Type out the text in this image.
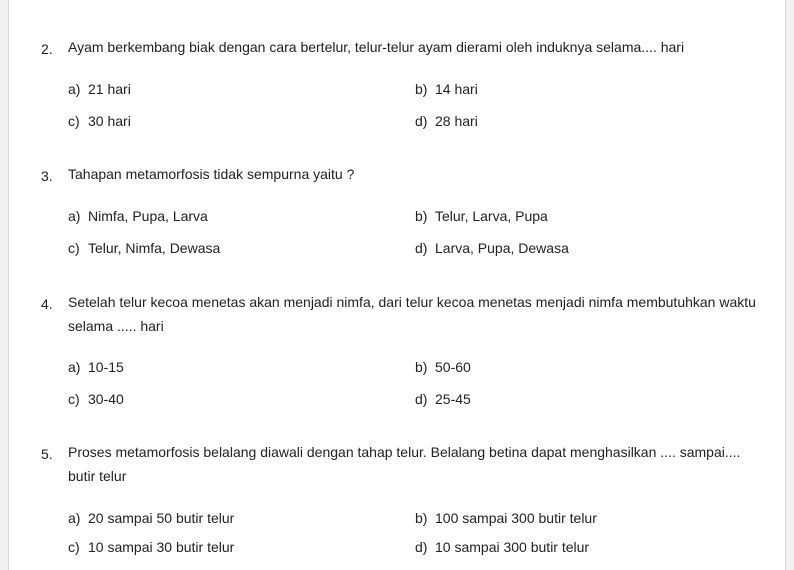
2. Ayam berkembang biak dengan cara bertelur, telur-telur ayam dierami oleh induknya selama.... hari
a) 21 hari	b) 14 hari
c) 30 hari	d) 28 hari
3. Tahapan metamorfosis tidak sempurna yaitu ?
a) Nimfa, Pupa, Larva	b) Telur, Larva, Pupa
c) Telur, Nimfa, Dewasa	d) Larva, Pupa, Dewasa
4. Setelah telur kecoa menetas akan menjadi nimfa, dari telur kecoa menetas menjadi nimfa membutuhkan waktu selama ..... hari
a) 10-15	b) 50-60
c) 30-40	d) 25-45
5. Proses metamorfosis belalang diawali dengan tahap telur. Belalang betina dapat menghasilkan .... sampai.... butir telur
a) 20 sampai 50 butir telur	b) 100 sampai 300 butir telur
c) 10 sampai 30 butir telur	d) 10 sampai 300 butir telur
